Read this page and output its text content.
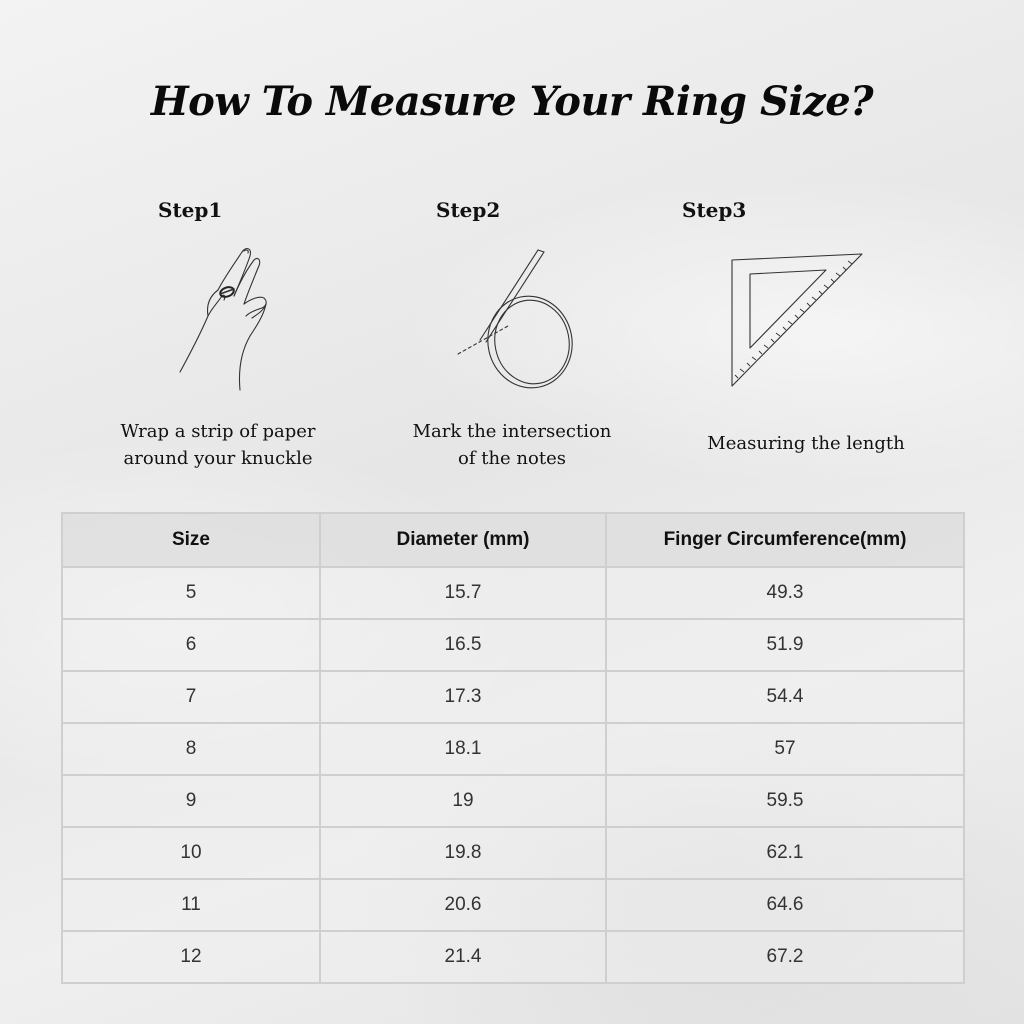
How To Measure Your Ring Size?
Step1
Wrap a strip of paper
around your knuckle
Step2
Mark the intersection
of the notes
Step3
Measuring the length
Size	Diameter (mm)	Finger Circumference(mm)
5	15.7	49.3
6	16.5	51.9
7	17.3	54.4
8	18.1	57
9	19	59.5
10	19.8	62.1
11	20.6	64.6
12	21.4	67.2
